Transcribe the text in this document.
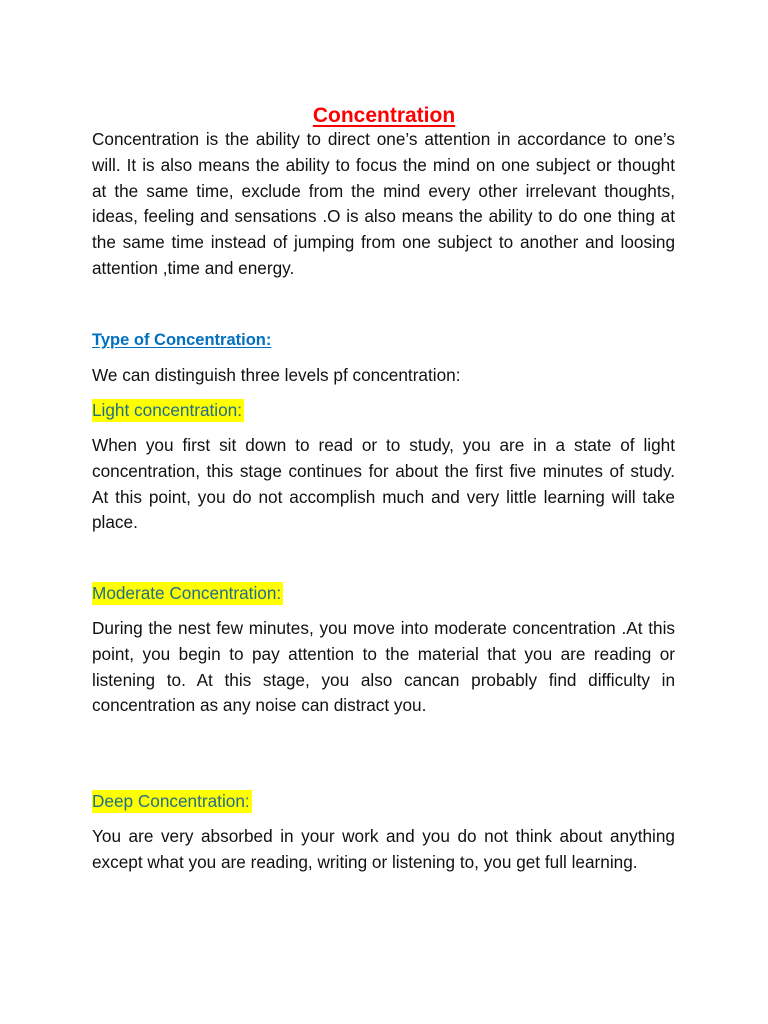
Concentration

Concentration is the ability to direct one’s attention in accordance to one’s will. It is also means the ability to focus the mind on one subject or thought at the same time, exclude from the mind every other irrelevant thoughts, ideas, feeling and sensations .O is also means the ability to do one thing at the same time instead of jumping from one subject to another and loosing attention ,time and energy.

Type of Concentration:

We can distinguish three levels pf concentration:

Light concentration:

When you first sit down to read or to study, you are in a state of light concentration, this stage continues for about the first five minutes of study. At this point, you do not accomplish much and very little learning will take place.

Moderate Concentration:

During the nest few minutes, you move into moderate concentration .At this point, you begin to pay attention to the material that you are reading or listening to. At this stage, you also cancan probably find difficulty in concentration as any noise can distract you.

Deep Concentration:

You are very absorbed in your work and you do not think about anything except what you are reading, writing or listening to, you get full learning.
